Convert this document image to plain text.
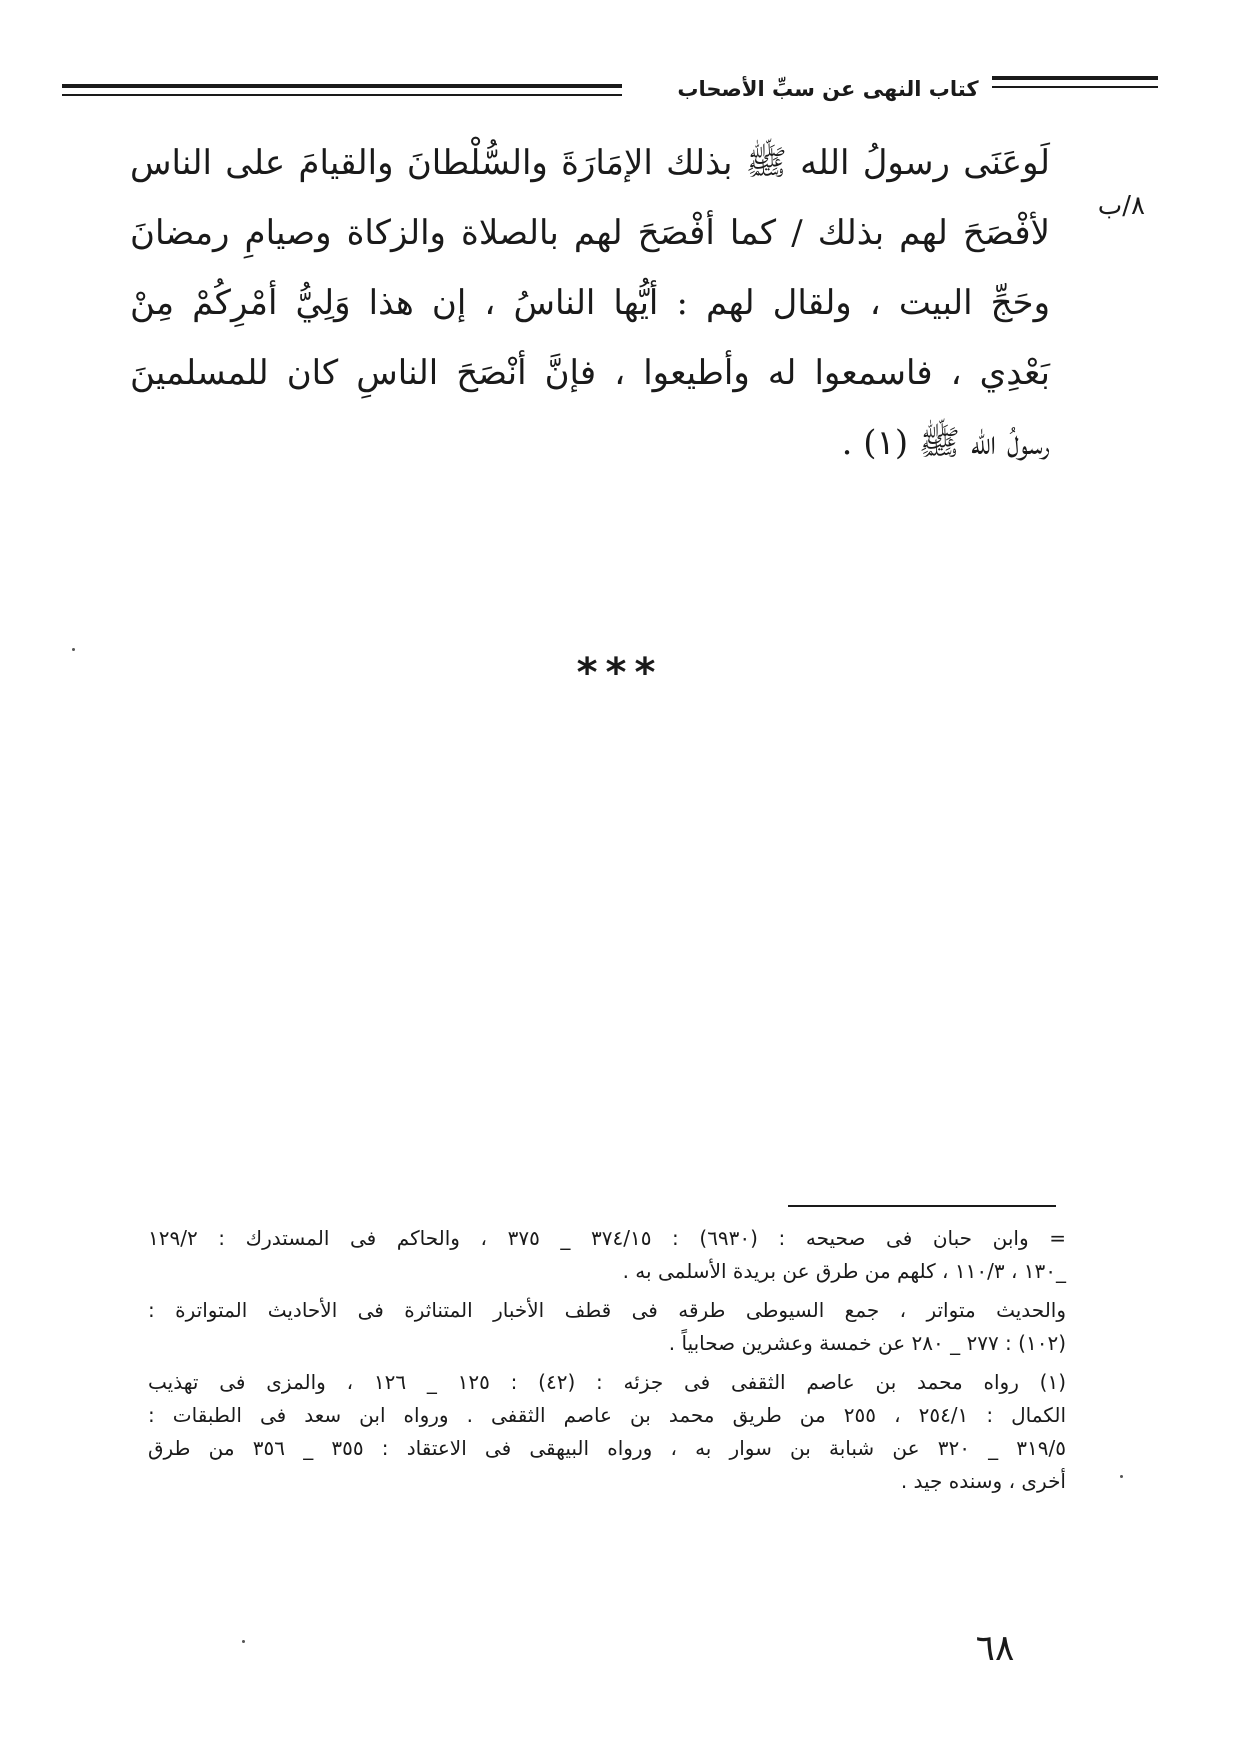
كتاب النهى عن سبِّ الأصحاب
٨/ب
لَوعَنَى رسولُ الله ﷺ بذلك الإمَارَةَ والسُّلْطانَ والقيامَ على الناس
لأفْصَحَ لهم بذلك / كما أفْصَحَ لهم بالصلاة والزكاة وصيامِ رمضانَ
وحَجِّ البيت ، ولقال لهم : أيُّها الناسُ ، إن هذا وَلِيُّ أمْرِكُمْ مِنْ
بَعْدِي ، فاسمعوا له وأطيعوا ، فإنَّ أنْصَحَ الناسِ كان للمسلمينَ
رسولُ الله ﷺ (١) .
***
= وابن حبان فى صحيحه : (٦٩٣٠) : ٣٧٤/١٥ _ ٣٧٥ ، والحاكم فى المستدرك : ١٢٩/٢
_١٣٠ ، ١١٠/٣ ، كلهم من طرق عن بريدة الأسلمى به .
والحديث متواتر ، جمع السيوطى طرقه فى قطف الأخبار المتناثرة فى الأحاديث المتواترة :
(١٠٢) : ٢٧٧ _ ٢٨٠ عن خمسة وعشرين صحابياً .
(١) رواه محمد بن عاصم الثقفى فى جزئه : (٤٢) : ١٢٥ _ ١٢٦ ، والمزى فى تهذيب
الكمال : ٢٥٤/١ ، ٢٥٥ من طريق محمد بن عاصم الثقفى . ورواه ابن سعد فى الطبقات :
٣١٩/٥ _ ٣٢٠ عن شبابة بن سوار به ، ورواه البيهقى فى الاعتقاد : ٣٥٥ _ ٣٥٦ من طرق
أخرى ، وسنده جيد .
٦٨
